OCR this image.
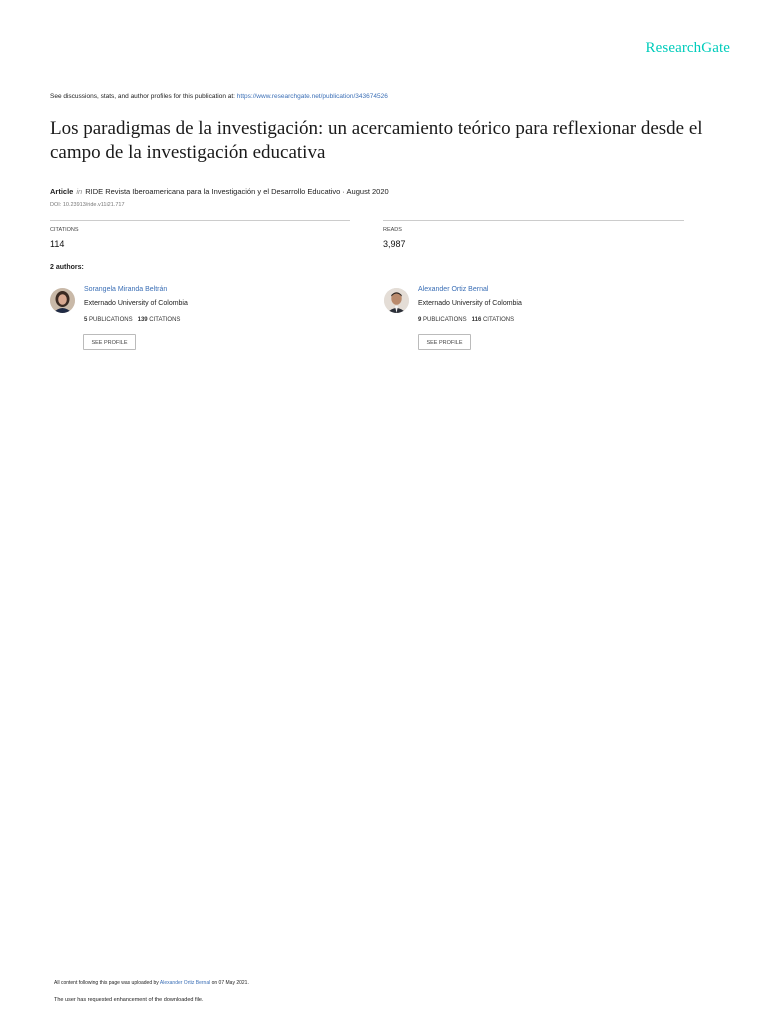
ResearchGate
See discussions, stats, and author profiles for this publication at: https://www.researchgate.net/publication/343674526
Los paradigmas de la investigación: un acercamiento teórico para reflexionar desde el campo de la investigación educativa
Article in RIDE Revista Iberoamericana para la Investigación y el Desarrollo Educativo · August 2020
DOI: 10.23913/ride.v11i21.717
CITATIONS
114
READS
3,987
2 authors:
Sorangela Miranda Beltrán
Externado University of Colombia
5 PUBLICATIONS 139 CITATIONS
SEE PROFILE
Alexander Ortiz Bernal
Externado University of Colombia
9 PUBLICATIONS 116 CITATIONS
SEE PROFILE
All content following this page was uploaded by Alexander Ortiz Bernal on 07 May 2021.
The user has requested enhancement of the downloaded file.
